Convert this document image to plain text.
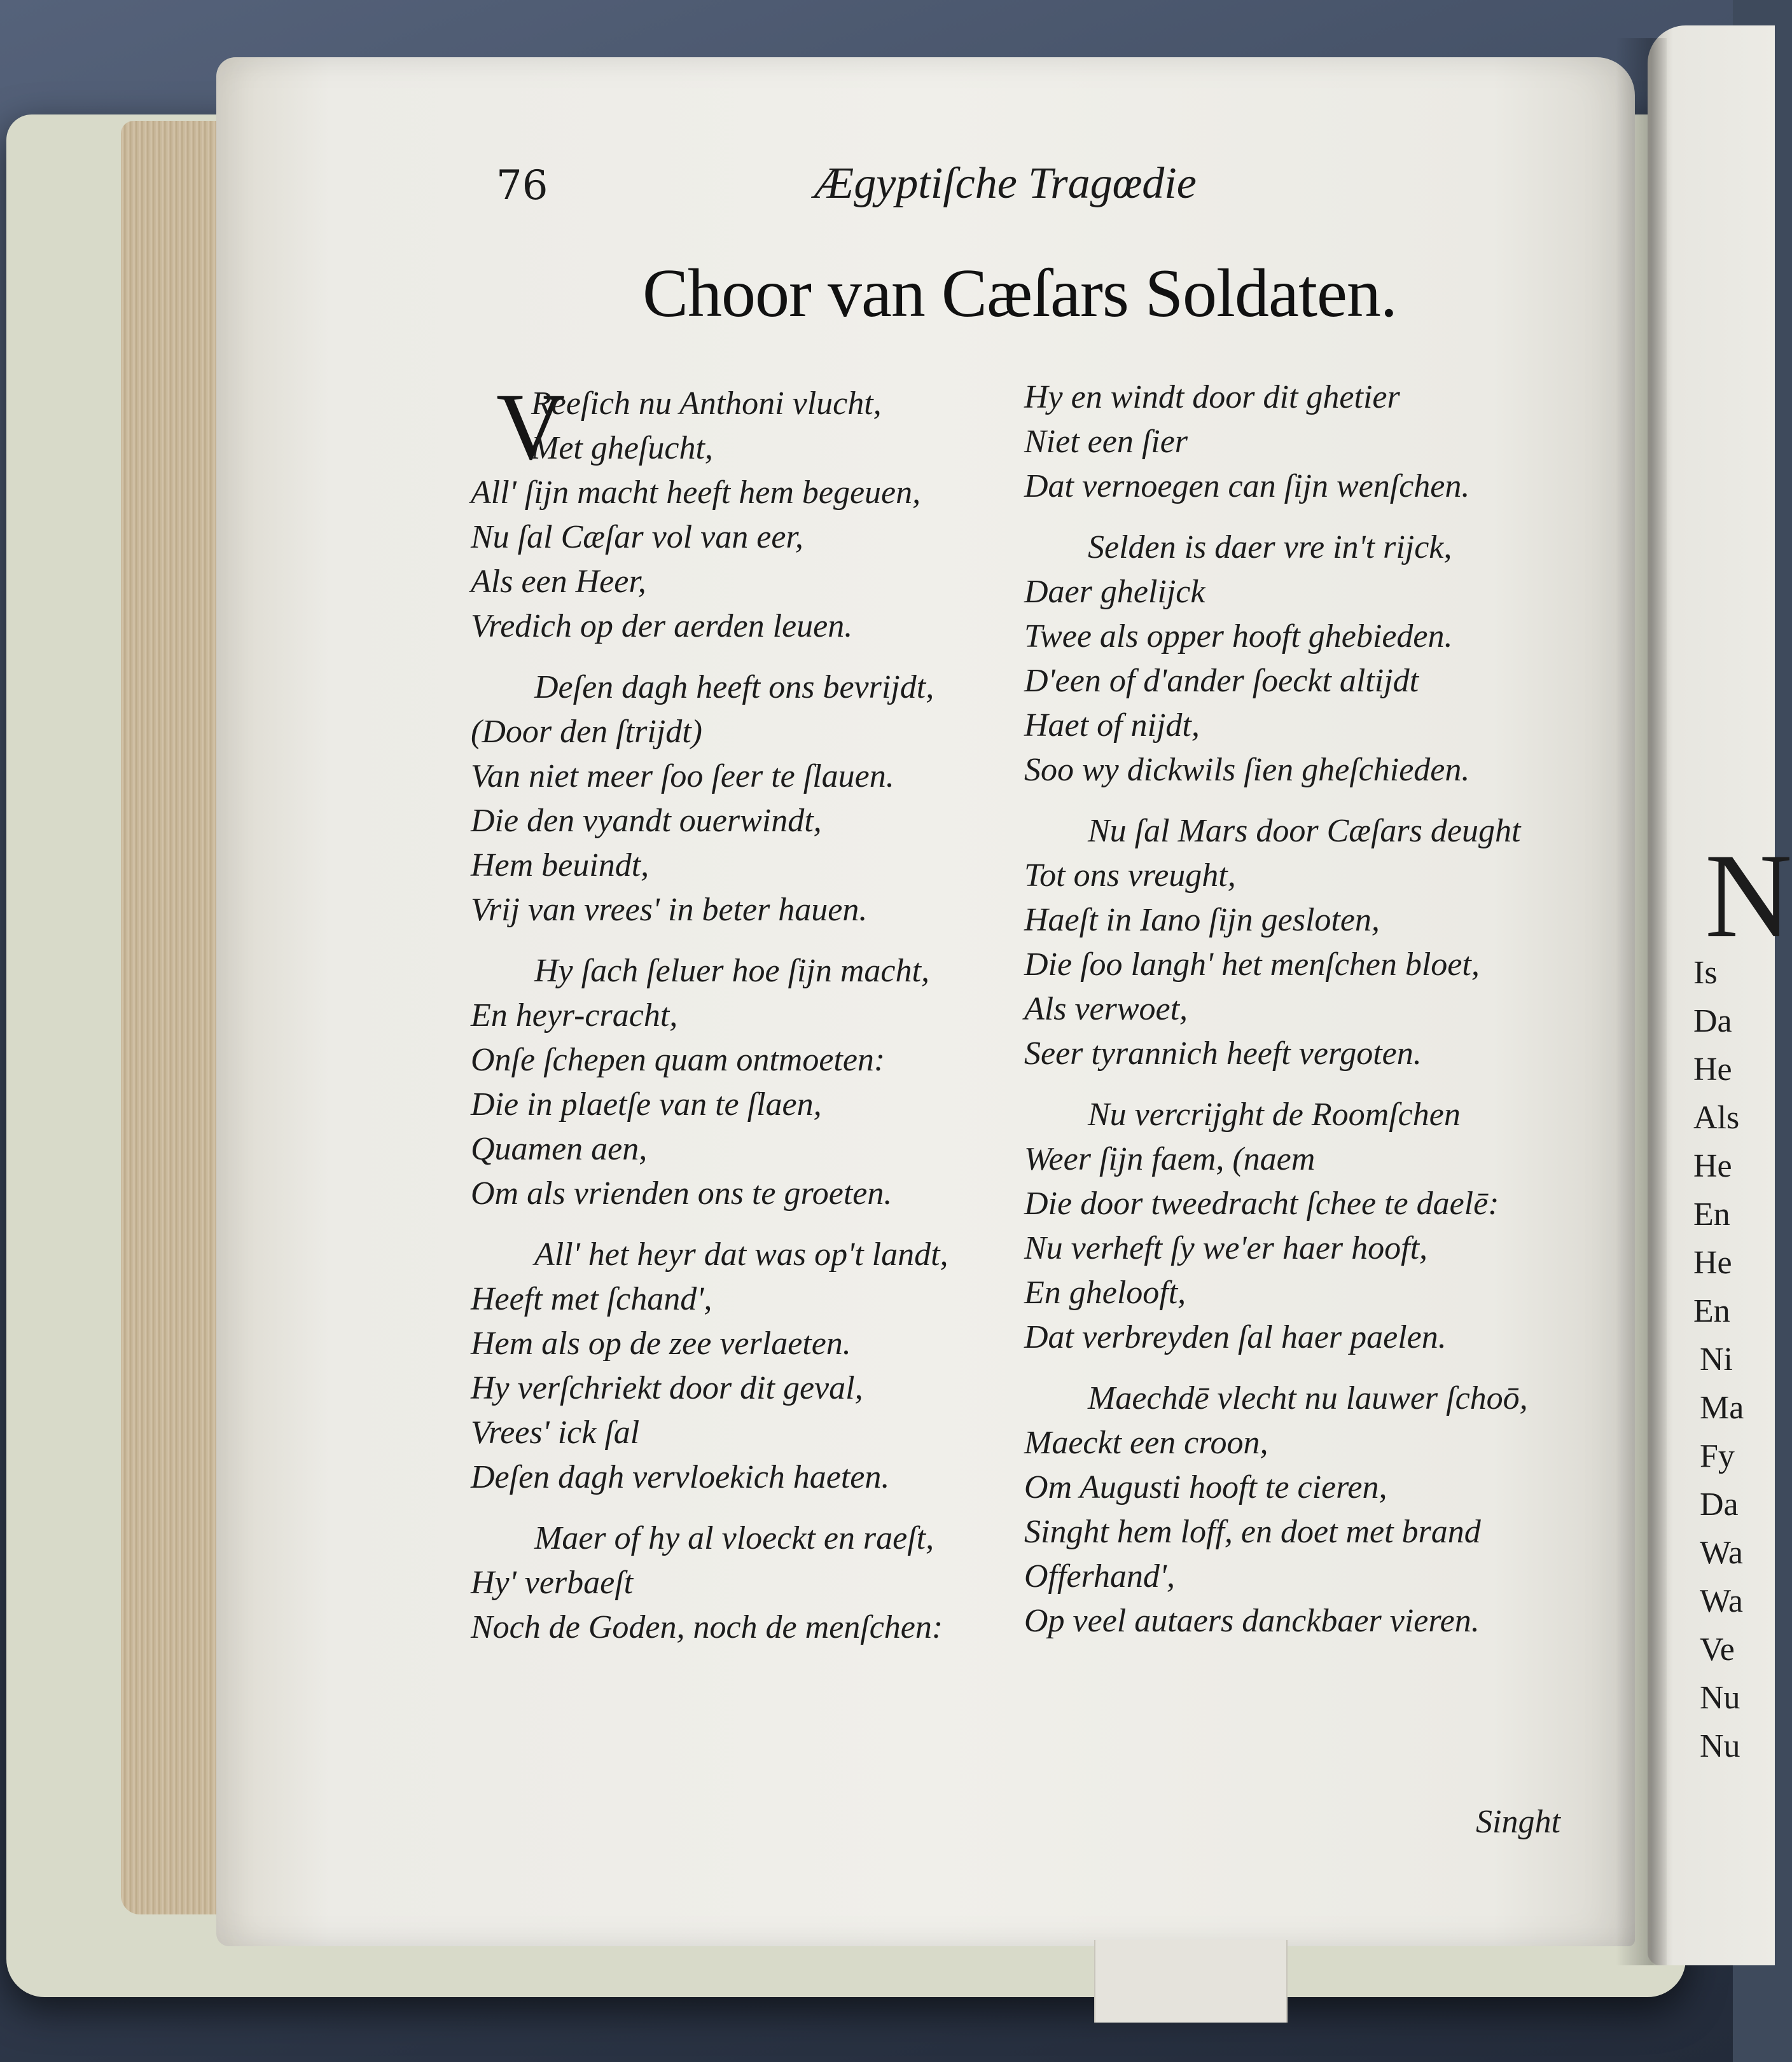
N
Is
Da
He
Als
He
En
He
En
Ni
Ma
Fy
Da
Wa
Wa
Ve
Nu
Nu
76	Ægyptiſche Tragœdie
Choor van Cæſars Soldaten.
V
Reeſich nu Anthoni vlucht,
Met gheſucht,
All' ſijn macht heeft hem begeuen,
Nu ſal Cæſar vol van eer,
Als een Heer,
Vredich op der aerden leuen.
Deſen dagh heeft ons bevrijdt,
(Door den ſtrijdt)
Van niet meer ſoo ſeer te ſlauen.
Die den vyandt ouerwindt,
Hem beuindt,
Vrij van vrees' in beter hauen.
Hy ſach ſeluer hoe ſijn macht,
En heyr-cracht,
Onſe ſchepen quam ontmoeten:
Die in plaetſe van te ſlaen,
Quamen aen,
Om als vrienden ons te groeten.
All' het heyr dat was op't landt,
Heeft met ſchand',
Hem als op de zee verlaeten.
Hy verſchriekt door dit geval,
Vrees' ick ſal
Deſen dagh vervloekich haeten.
Maer of hy al vloeckt en raeſt,
Hy' verbaeſt
Noch de Goden, noch de menſchen:
Hy en windt door dit ghetier
Niet een ſier
Dat vernoegen can ſijn wenſchen.
Selden is daer vre in't rijck,
Daer ghelijck
Twee als opper hooft ghebieden.
D'een of d'ander ſoeckt altijdt
Haet of nijdt,
Soo wy dickwils ſien gheſchieden.
Nu ſal Mars door Cæſars deught
Tot ons vreught,
Haeſt in Iano ſijn gesloten,
Die ſoo langh' het menſchen bloet,
Als verwoet,
Seer tyrannich heeft vergoten.
Nu vercrijght de Roomſchen
Weer ſijn faem, (naem
Die door tweedracht ſchee te daelē:
Nu verheft ſy we'er haer hooft,
En ghelooft,
Dat verbreyden ſal haer paelen.
Maechdē vlecht nu lauwer ſchoō,
Maeckt een croon,
Om Augusti hooft te cieren,
Singht hem loff, en doet met brand
Offerhand',
Op veel autaers danckbaer vieren.
Singht
